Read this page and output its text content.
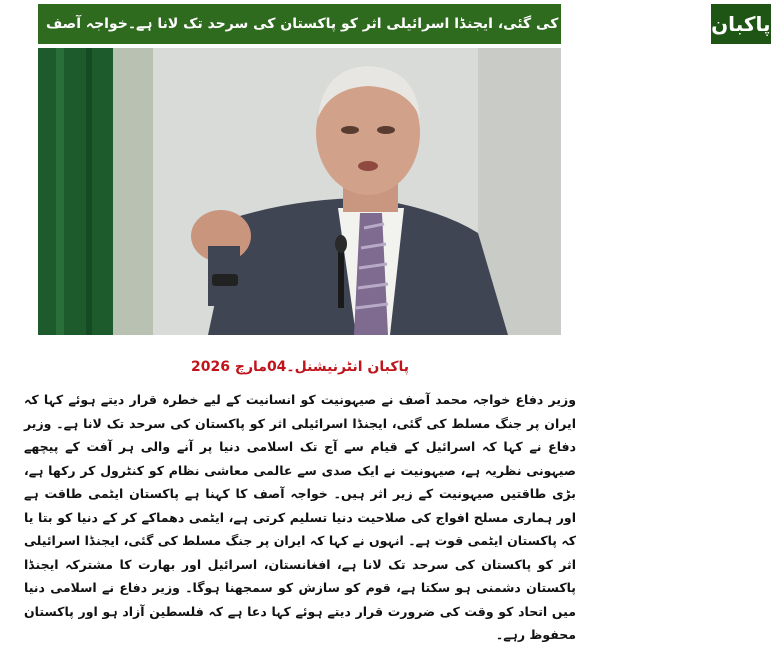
ایران پر جنگ مسلط کی گئی، ایجنڈا اسرائیلی اثر کو پاکستان کی سرحد تک لانا ہے۔خواجہ آصف پاکبان
پاکبان انٹرنیشنل۔04مارچ 2026

وزیر دفاع خواجہ محمد آصف نے صیہونیت کو انسانیت کے لیے خطرہ قرار دیتے ہوئے کہا کہ ایران پر جنگ مسلط کی گئی، ایجنڈا اسرائیلی اثر کو پاکستان کی سرحد تک لانا ہے۔ وزیر دفاع نے کہا کہ اسرائیل کے قیام سے آج تک اسلامی دنیا پر آنے والی ہر آفت کے پیچھے صیہونی نظریہ ہے، صیہونیت نے ایک صدی سے عالمی معاشی نظام کو کنٹرول کر رکھا ہے، بڑی طاقتیں صیہونیت کے زیر اثر ہیں۔ خواجہ آصف کا کہنا ہے پاکستان ایٹمی طاقت ہے اور ہماری مسلح افواج کی صلاحیت دنیا تسلیم کرتی ہے، ایٹمی دھماکے کر کے دنیا کو بتا یا کہ پاکستان ایٹمی قوت ہے۔ انہوں نے کہا کہ ایران پر جنگ مسلط کی گئی، ایجنڈا اسرائیلی اثر کو پاکستان کی سرحد تک لانا ہے، افغانستان، اسرائیل اور بھارت کا مشترکہ ایجنڈا پاکستان دشمنی ہو سکتا ہے، قوم کو سازش کو سمجھنا ہوگا۔ وزیر دفاع نے اسلامی دنیا میں اتحاد کو وقت کی ضرورت قرار دیتے ہوئے کہا دعا ہے کہ فلسطین آزاد ہو اور پاکستان محفوظ رہے۔
